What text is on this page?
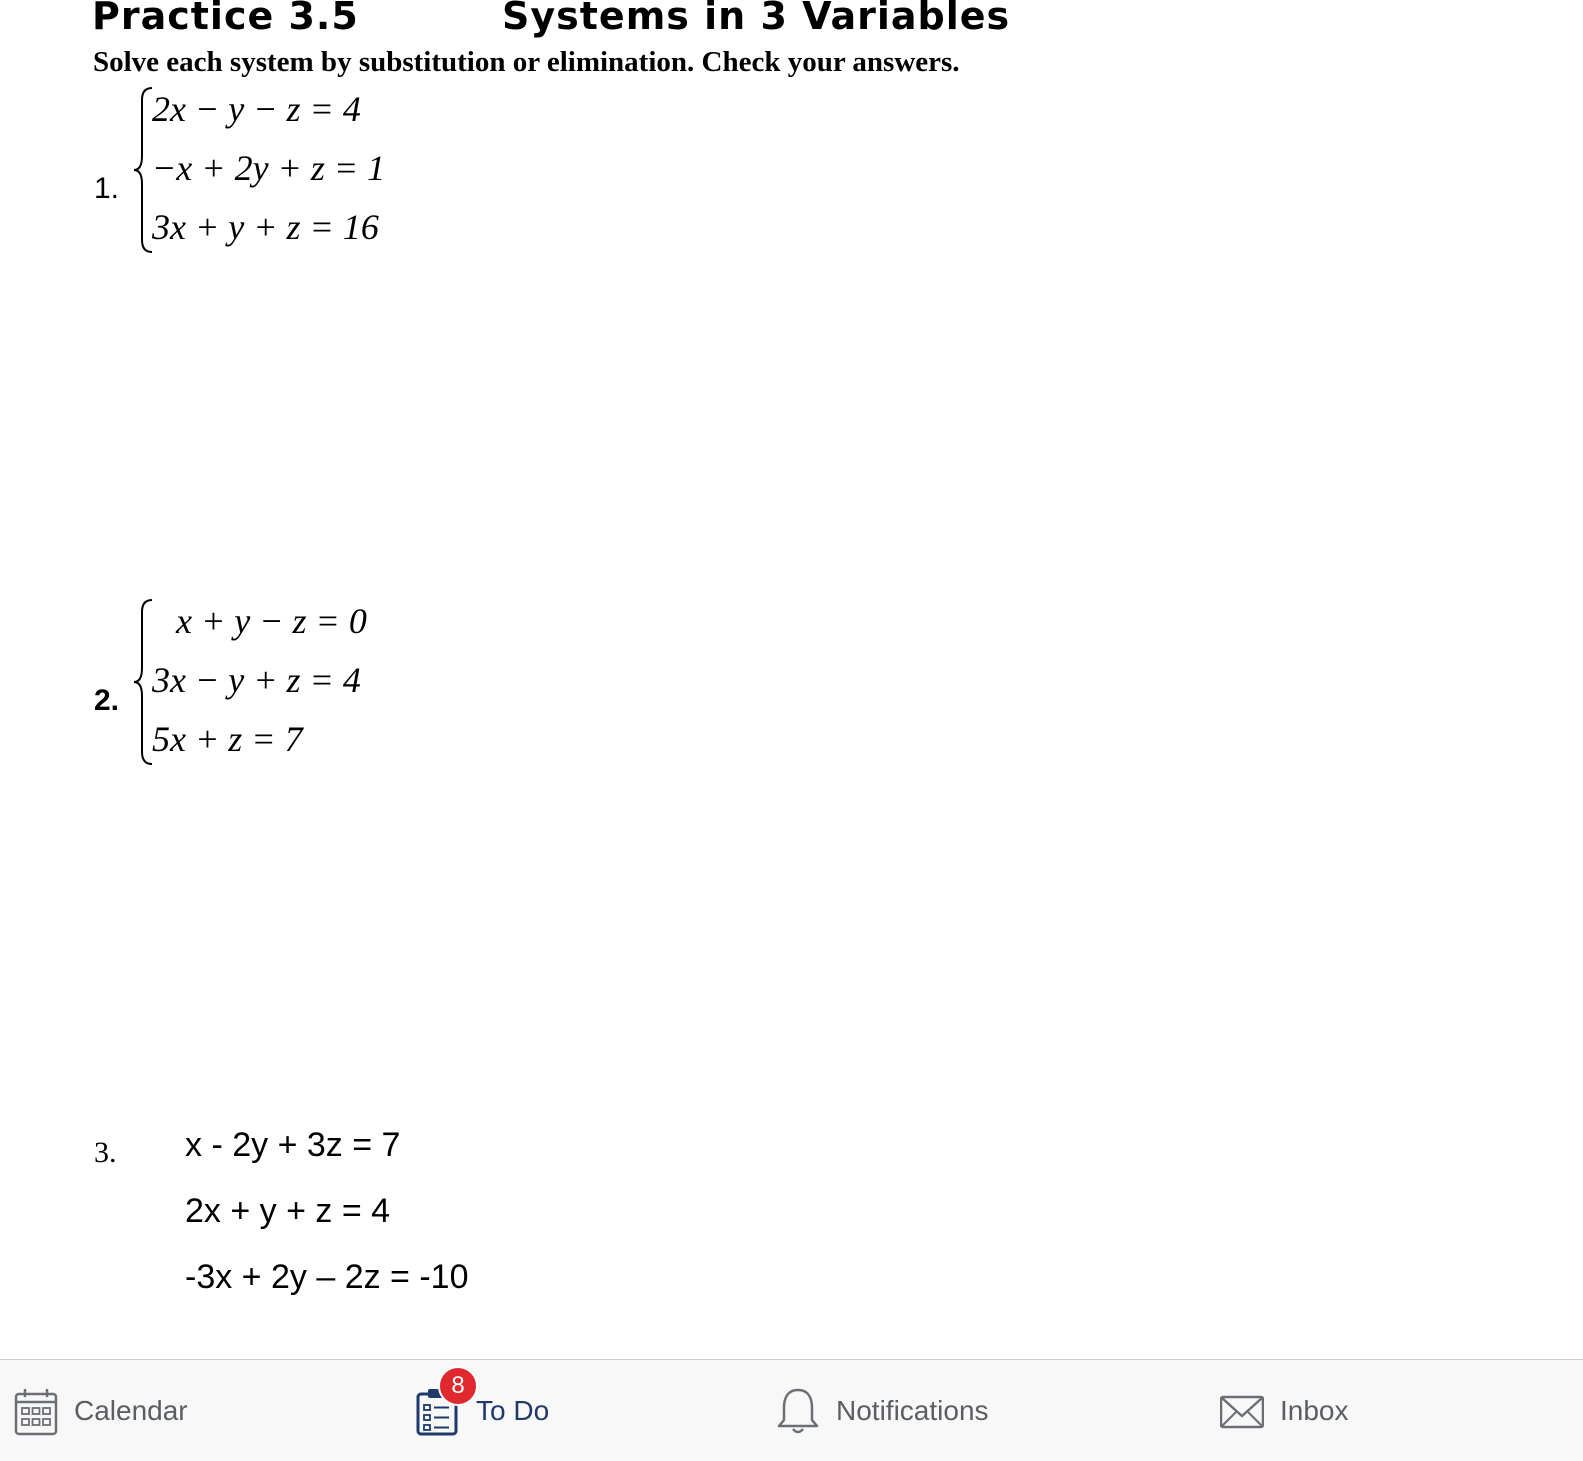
Practice 3.5	Systems in 3 Variables
Solve each system by substitution or elimination. Check your answers.
1.
2x − y − z = 4
−x + 2y + z = 1
3x + y + z = 16
2.
x + y − z = 0
3x − y + z = 4
5x + z = 7
3. x - 2y + 3z = 7
2x + y + z = 4
-3x + 2y – 2z = -10
Calendar
8
To Do	Notifications	Inbox
